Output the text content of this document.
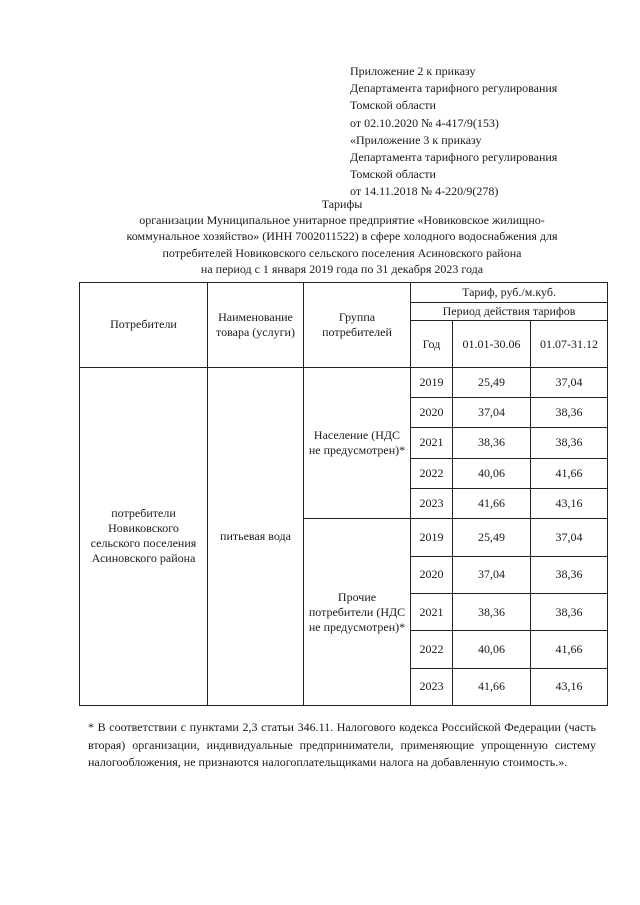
Приложение 2 к приказу
Департамента тарифного регулирования
Томской области
от 02.10.2020 № 4-417/9(153)
«Приложение 3 к приказу
Департамента тарифного регулирования
Томской области
от 14.11.2018 № 4-220/9(278)
Тарифы
организации Муниципальное унитарное предприятие «Новиковское жилищно-
коммунальное хозяйство» (ИНН 7002011522) в сфере холодного водоснабжения для
потребителей Новиковского сельского поселения Асиновского района
на период с 1 января 2019 года по 31 декабря 2023 года
Потребители	Наименование товара (услуги)	Группа потребителей	Тариф, руб./м.куб.		
			Период действия тарифов		
			Год	01.01-30.06	01.07-31.12
потребители Новиковского сельского поселения Асиновского района	питьевая вода	Население (НДС не предусмотрен)*	2019	25,49	37,04
			2020	37,04	38,36
			2021	38,36	38,36
			2022	40,06	41,66
			2023	41,66	43,16
		Прочие потребители (НДС не предусмотрен)*	2019	25,49	37,04
			2020	37,04	38,36
			2021	38,36	38,36
			2022	40,06	41,66
			2023	41,66	43,16
* В соответствии с пунктами 2,3 статьи 346.11. Налогового кодекса Российской Федерации (часть вторая) организации, индивидуальные предприниматели, применяющие упрощенную систему налогообложения, не признаются налогоплательщиками налога на добавленную стоимость.».
